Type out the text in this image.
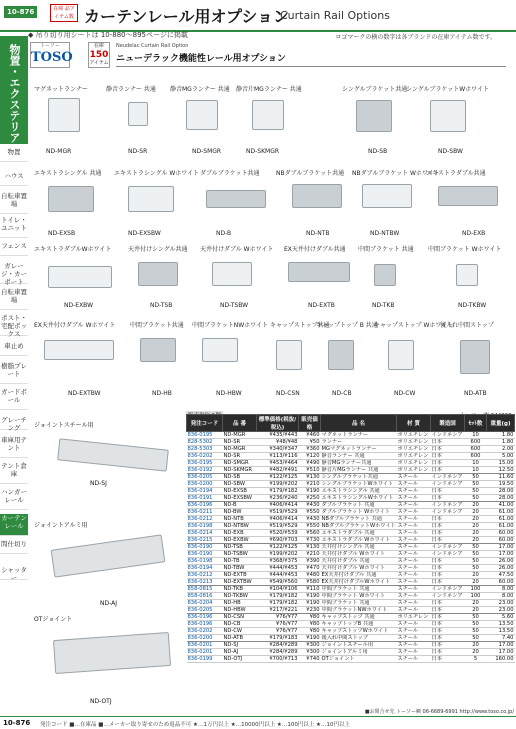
10-876	在庫 品アイテム数 カーテンレール用オプション
Curtain Rail Options
◆ 吊り切り用シートは 10-880～895ページに掲載	ロゴマークの横の数字は各ブランドの在庫アイテム数です。
物置・エクステリア
物置
ハウス
自転車置場
トイレ・ユニット
フェンス
ガレージ・カーポート
自転車置場
ポスト・宅配ボックス
車止め
樹脂プレート
ガードポール
グレーチング
車庫用テント
テント倉庫
ハンガーレール
カーテンレール
間仕切り
シャッター
トーソー
TOSO
在庫
150
アイテム
Neudelac Curtain Rail Option
ニューデラック機能性レール用オプション
マグネットランナー
ND-MGR
静音ランナー 共通
ND-SR
静音MGランナー 共通
ND-SMGR
静音片MGランナー 共通
ND-SKMGR
シングルブラケット共通
ND-SB
シングルブラケットWホワイト
ND-SBW
エキストラシングル 共通
ND-EXSB
エキストラシングル Wホワイト
ND-EXSBW
ダブルブラケット共通
ND-B
NBダブルブラケット共通
ND-NTB
NBダブルブラケット Wホワイト
ND-NTBW
エキストラダブル共通
ND-EXB
エキストラダブルWホワイト
ND-EXBW
天井付けシングル共通
ND-TSB
天井付けダブル Wホワイト
ND-TSBW
EX天井付けダブル共通
ND-EXTB
中間ブラケット 共通
ND-TKB
中間ブラケット Wホワイト
ND-TKBW
EX天井付けダブル Wホワイト
ND-EXTBW
中間ブラケット共通
ND-HB
中間ブラケットNWホワイト
ND-HBW
キャップストップ共通
ND-CSN
キャップトップ B 共通
ND-CB
キャップストップ Wホワイト
ND-CW
後入れ中間ストップ
ND-ATB
ジョイントスチール用
ND-SJ
ジョイントアルミ用
ND-AJ
OTジョイント
ND-OTJ
発注コード	品 番	標準価格(税抜/税込)	販売価格	品 名	材 質	製造国	ｾｯﾄ数	重量(g)
836-0195	ND-MGR	¥435/¥443	¥460	マグネットランナー	ポリエチレン	インドネシア	10	1.80
828-5302	ND-SR	¥48/¥48	¥50	ランナー	ポリエチレン	日本	600	1.80
828-5303	ND-MGR	¥340/¥347	¥360	MGマグネットランナー	ポリエチレン	日本	600	2.00
836-0202	ND-SR	¥113/¥116	¥120	静音ランナー 共通	ポリエチレン	日本	600	5.00
836-0195	ND-SMGR	¥453/¥464	¥490	静音MGランナー共通	ポリエチレン	日本	10	15.00
836-0192	ND-SKMGR	¥482/¥491	¥510	静音片MGランナー 共通	ポリエチレン	日本	10	12.50
836-0205	ND-SB	¥122/¥125	¥130	シングルブラケット共通	スチール	インドネシア	50	11.60
836-0200	ND-SBW	¥199/¥202	¥210	シングルブラケットWホワイト	スチール	インドネシア	50	19.50
836-0194	ND-EXSB	¥179/¥182	¥190	エキストラシングル 共通	スチール	日本	50	28.00
836-0191	ND-EXSBW	¥236/¥240	¥250	エキストラシングルWホワイト	スチール	日本	50	28.00
836-0196	ND-B	¥406/¥414	¥430	ダブルブラケット 共通	スチール	インドネシア	20	41.00
836-0211	ND-BW	¥519/¥529	¥550	ダブルブラケット Wホワイト	スチール	インドネシア	20	61.00
836-0212	ND-NTB	¥406/¥414	¥430	NBダブルブラケット 共通	スチール	日本	20	61.00
836-0198	ND-NTBW	¥519/¥529	¥550	NBダブルブラケットWホワイト	スチール	日本	20	61.00
836-0214	ND-EXB	¥520/¥539	¥560	エキストラダブル 共通	スチール	日本	20	60.00
836-0215	ND-EXBW	¥690/¥703	¥730	エキストラダブル Wホワイト	スチール	日本	20	60.00
836-0190	ND-TSB	¥122/¥125	¥130	天井付けシングル 共通	スチール	インドネシア	50	17.00
836-0190	ND-TSBW	¥199/¥202	¥210	天井付けダブル Wホワイト	スチール	インドネシア	50	17.00
836-0198	ND-TB	¥368/¥375	¥390	天井付けダブル 共通	スチール	日本	50	26.00
836-0194	ND-TBW	¥444/¥453	¥470	天井付けダブル Wホワイト	スチール	日本	50	26.00
836-0212	ND-EXTB	¥444/¥453	¥480	EX天井付けダブル 共通	スチール	日本	20	47.50
836-0213	ND-EXTBW	¥549/¥560	¥580	EX天井付けダブルWホワイト	スチール	日本	20	60.00
858-0815	ND-TKB	¥104/¥106	¥110	中間ブラケット 共通	スチール	インドネシア	100	8.00
858-0816	ND-TKBW	¥179/¥182	¥190	中間ブラケット Wホワイト	スチール	インドネシア	100	8.00
836-0204	ND-HB	¥179/¥182	¥190	中間ブラケット 共通	スチール	日本	20	23.00
836-0205	ND-HBW	¥217/¥221	¥230	中間ブラケットNWホワイト	スチール	日本	20	23.00
836-0196	ND-CSN	¥76/¥77	¥80	キャップストップ 共通	ポリエチレン	日本	50	5.60
836-0196	ND-CB	¥76/¥77	¥80	キャップトップB 共通	スチール	日本	50	13.50
836-0202	ND-CW	¥76/¥77	¥80	キャップストップWホワイト	スチール	日本	50	13.50
836-0200	ND-ATB	¥179/¥183	¥190	後入れ中間ストップ	スチール	日本	50	7.40
836-0201	ND-SJ	¥284/¥289	¥300	ジョイントスチール用	スチール	日本	20	17.00
836-0201	ND-AJ	¥284/¥289	¥300	ジョイントアルミ用	スチール	日本	20	17.00
836-0199	ND-OTJ	¥700/¥713	¥740	OTジョイント	スチール	日本	5	160.00
■お問合せ先 トーソー㈱ 06-6689-6991 http://www.toso.co.jp/
10-876 発注コード ■…在庫品 ■…メーカー取り寄せのため返品不可 ★…1万円以上 ★…10000円以上 ★…100円以上 ★…10円以上
